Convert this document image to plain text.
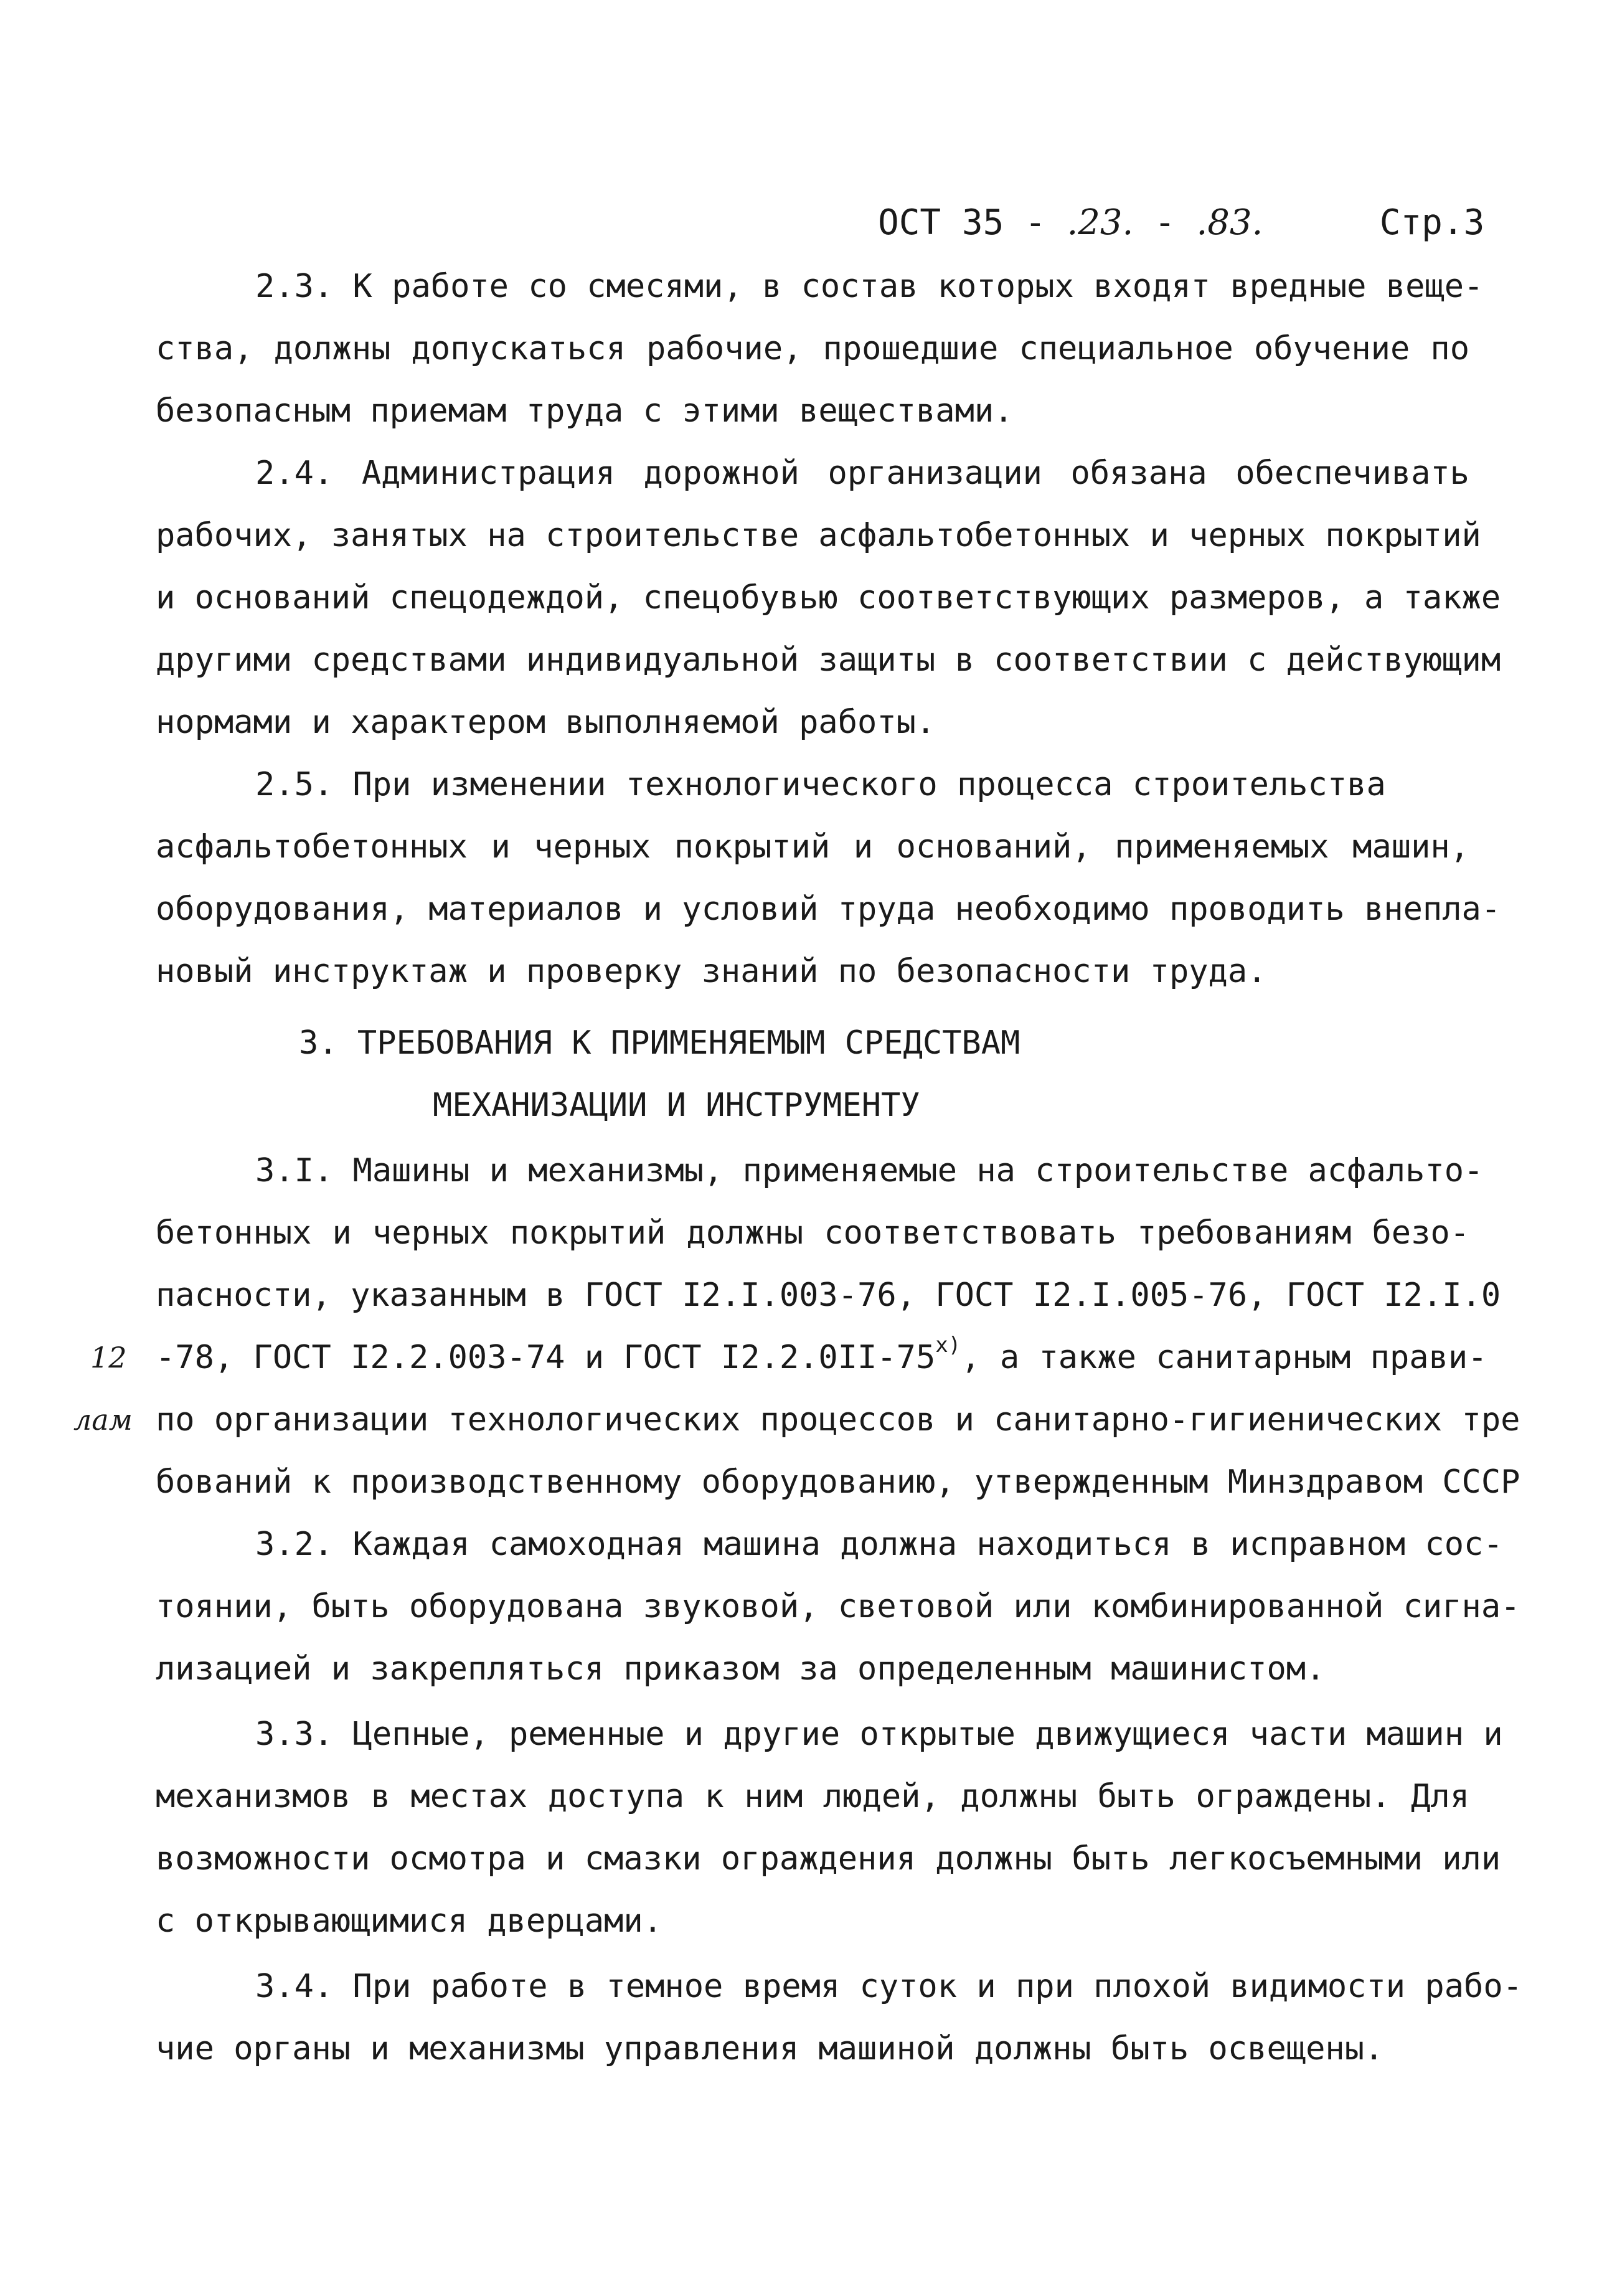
ОСТ 35 - .23. - .83.	Стр.3
2.3. К работе со смесями, в состав которых входят вредные веще-
ства, должны допускаться рабочие, прошедшие специальное обучение по
безопасным приемам труда с этими веществами.
2.4. Администрация дорожной организации обязана обеспечивать
рабочих, занятых на строительстве асфальтобетонных и черных покрытий
и оснований спецодеждой, спецобувью соответствующих размеров, а также
другими средствами индивидуальной защиты в соответствии с действующим
нормами и характером выполняемой работы.
2.5. При изменении технологического процесса строительства
асфальтобетонных и черных покрытий и оснований, применяемых машин,
оборудования, материалов и условий труда необходимо проводить внепла-
новый инструктаж и проверку знаний по безопасности труда.
3. ТРЕБОВАНИЯ К ПРИМЕНЯЕМЫМ СРЕДСТВАМ
МЕХАНИЗАЦИИ И ИНСТРУМЕНТУ
3.I. Машины и механизмы, применяемые на строительстве асфальто-
бетонных и черных покрытий должны соответствовать требованиям безо-
пасности, указанным в ГОСТ I2.I.003-76, ГОСТ I2.I.005-76, ГОСТ I2.I.0
12 -78, ГОСТ I2.2.003-74 и ГОСТ I2.2.0II-75$^{x)}$, а также санитарным прави-
лам по организации технологических процессов и санитарно-гигиенических тре
бований к производственному оборудованию, утвержденным Минздравом СССР
3.2. Каждая самоходная машина должна находиться в исправном сос-
тоянии, быть оборудована звуковой, световой или комбинированной сигна-
лизацией и закрепляться приказом за определенным машинистом.
3.3. Цепные, ременные и другие открытые движущиеся части машин и
механизмов в местах доступа к ним людей, должны быть ограждены. Для
возможности осмотра и смазки ограждения должны быть легкосъемными или
с открывающимися дверцами.
3.4. При работе в темное время суток и при плохой видимости рабо-
чие органы и механизмы управления машиной должны быть освещены.
